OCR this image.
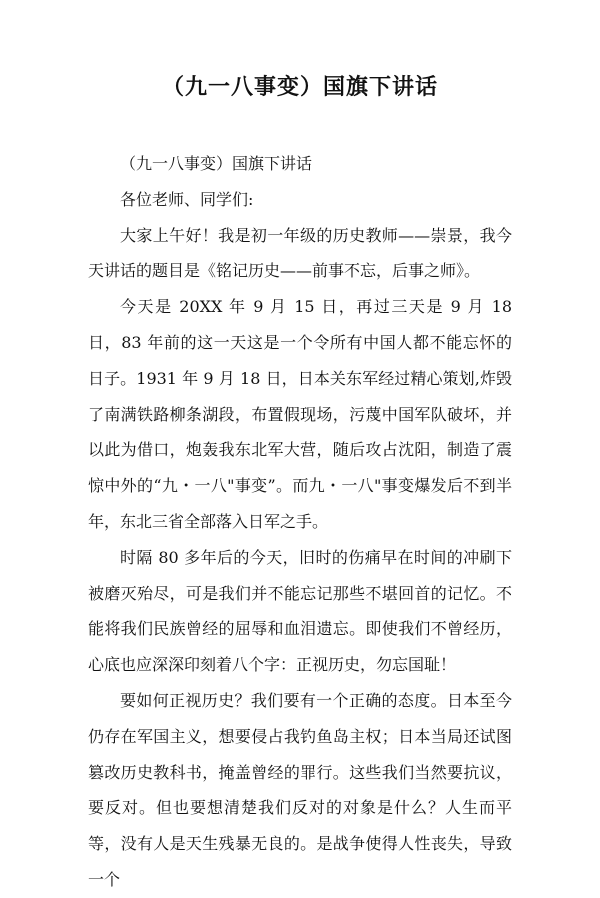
（九一八事变）国旗下讲话

（九一八事变）国旗下讲话

各位老师、同学们:

大家上午好！我是初一年级的历史教师——崇景，我今天讲话的题目是《铭记历史——前事不忘，后事之师》。

今天是 20XX 年 9 月 15 日，再过三天是 9 月 18 日，83 年前的这一天这是一个令所有中国人都不能忘怀的日子。1931 年 9 月 18 日，日本关东军经过精心策划,炸毁了南满铁路柳条湖段，布置假现场，污蔑中国军队破坏，并以此为借口，炮轰我东北军大营，随后攻占沈阳，制造了震惊中外的“九・一八"事变”。而九・一八"事变爆发后不到半年，东北三省全部落入日军之手。

时隔 80 多年后的今天，旧时的伤痛早在时间的冲刷下被磨灭殆尽，可是我们并不能忘记那些不堪回首的记忆。不能将我们民族曾经的屈辱和血泪遗忘。即使我们不曾经历，心底也应深深印刻着八个字：正视历史，勿忘国耻！

要如何正视历史？我们要有一个正确的态度。日本至今仍存在军国主义，想要侵占我钓鱼岛主权；日本当局还试图篡改历史教科书，掩盖曾经的罪行。这些我们当然要抗议，要反对。但也要想清楚我们反对的对象是什么？人生而平等，没有人是天生残暴无良的。是战争使得人性丧失，导致一个
